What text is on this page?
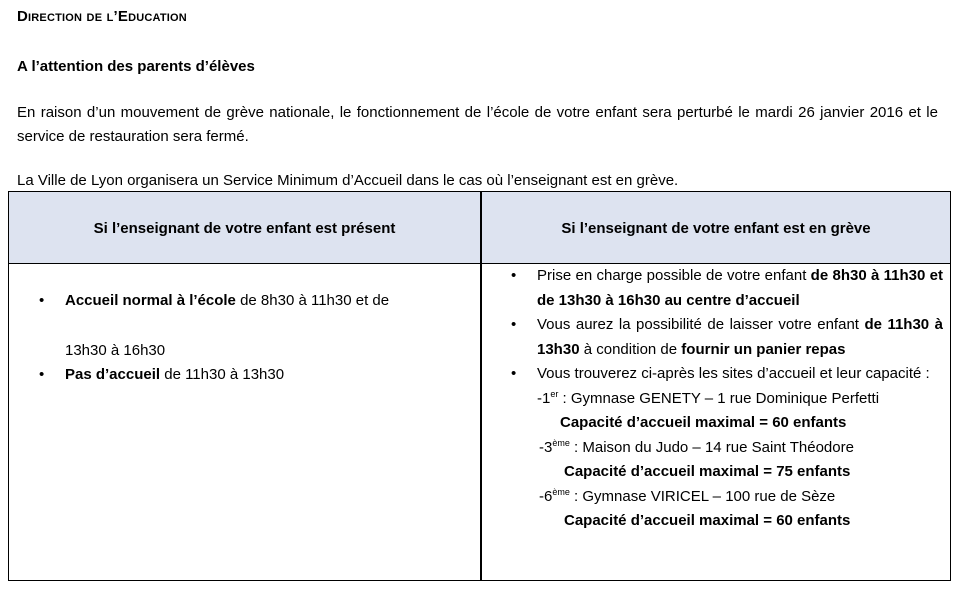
Direction de l’Education
A l’attention des parents d’élèves
En raison d’un mouvement de grève nationale, le fonctionnement de l’école de votre enfant sera perturbé le mardi 26 janvier 2016 et le service de restauration sera fermé.
La Ville de Lyon organisera un Service Minimum d’Accueil dans le cas où l’enseignant est en grève.
Si l’enseignant de votre enfant est présent	Si l’enseignant de votre enfant est en grève
• Accueil normal à l’école de 8h30 à 11h30 et de
13h30 à 16h30
• Pas d’accueil de 11h30 à 13h30
• Prise en charge possible de votre enfant de 8h30 à 11h30 et de 13h30 à 16h30 au centre d’accueil
• Vous aurez la possibilité de laisser votre enfant de 11h30 à 13h30 à condition de fournir un panier repas
• Vous trouverez ci-après les sites d’accueil et leur capacité :
-1er : Gymnase GENETY – 1 rue Dominique Perfetti
Capacité d’accueil maximal = 60 enfants
-3ème : Maison du Judo – 14 rue Saint Théodore
Capacité d’accueil maximal = 75 enfants
-6ème : Gymnase VIRICEL – 100 rue de Sèze
Capacité d’accueil maximal = 60 enfants
